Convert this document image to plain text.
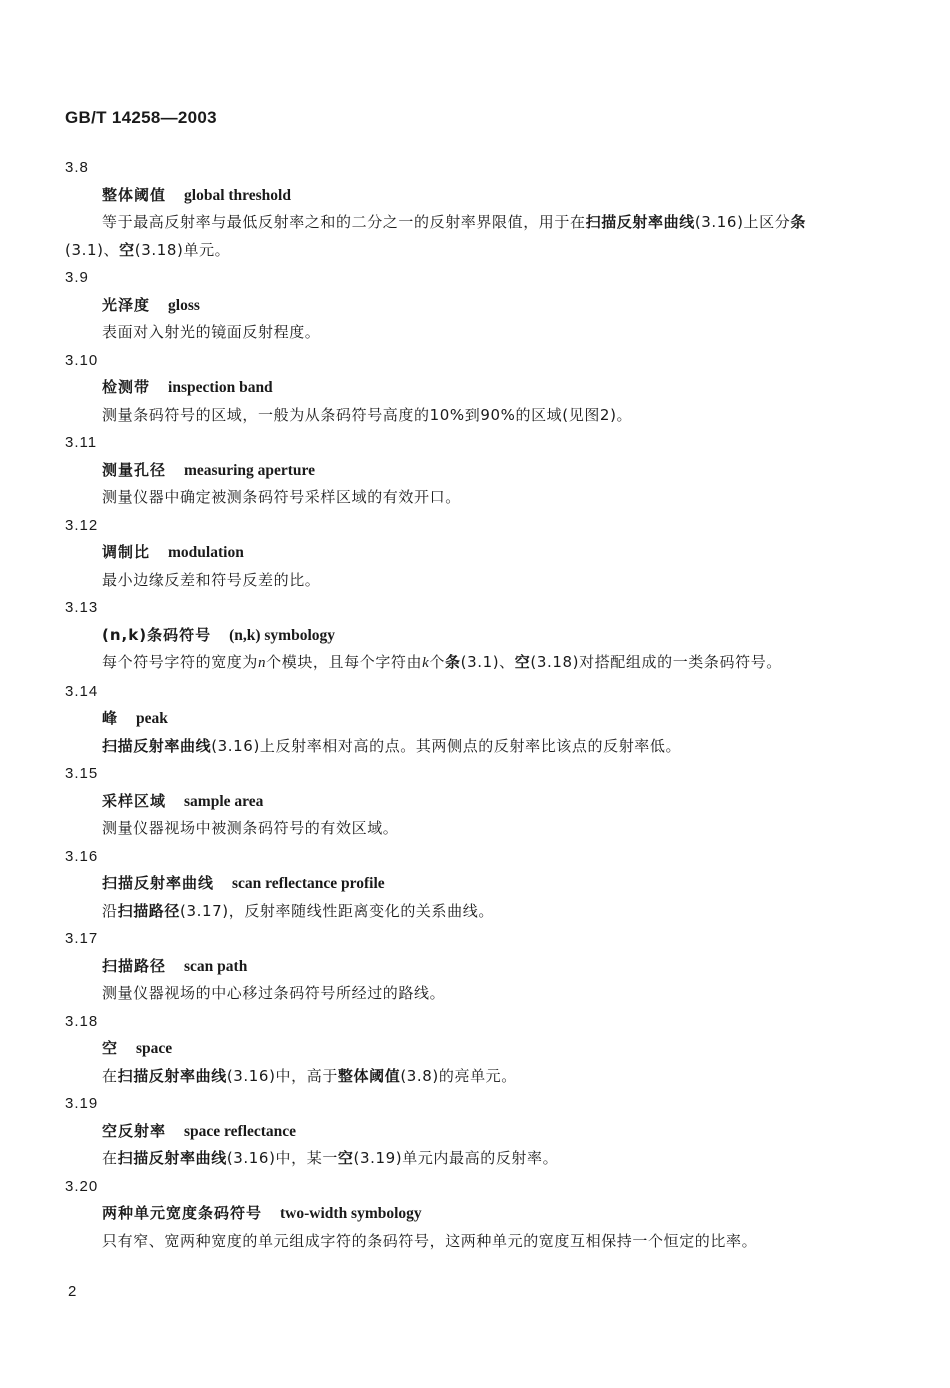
GB/T 14258—2003
3.8
整体阈值 global threshold
等于最高反射率与最低反射率之和的二分之一的反射率界限值，用于在扫描反射率曲线(3.16)上区分条(3.1)、空(3.18)单元。
3.9
光泽度 gloss
表面对入射光的镜面反射程度。
3.10
检测带 inspection band
测量条码符号的区域，一般为从条码符号高度的10%到90%的区域(见图2)。
3.11
测量孔径 measuring aperture
测量仪器中确定被测条码符号采样区域的有效开口。
3.12
调制比 modulation
最小边缘反差和符号反差的比。
3.13
(n,k)条码符号 (n,k) symbology
每个符号字符的宽度为n个模块，且每个字符由k个条(3.1)、空(3.18)对搭配组成的一类条码符号。
3.14
峰 peak
扫描反射率曲线(3.16)上反射率相对高的点。其两侧点的反射率比该点的反射率低。
3.15
采样区域 sample area
测量仪器视场中被测条码符号的有效区域。
3.16
扫描反射率曲线 scan reflectance profile
沿扫描路径(3.17)，反射率随线性距离变化的关系曲线。
3.17
扫描路径 scan path
测量仪器视场的中心移过条码符号所经过的路线。
3.18
空 space
在扫描反射率曲线(3.16)中，高于整体阈值(3.8)的亮单元。
3.19
空反射率 space reflectance
在扫描反射率曲线(3.16)中，某一空(3.19)单元内最高的反射率。
3.20
两种单元宽度条码符号 two-width symbology
只有窄、宽两种宽度的单元组成字符的条码符号，这两种单元的宽度互相保持一个恒定的比率。
2
